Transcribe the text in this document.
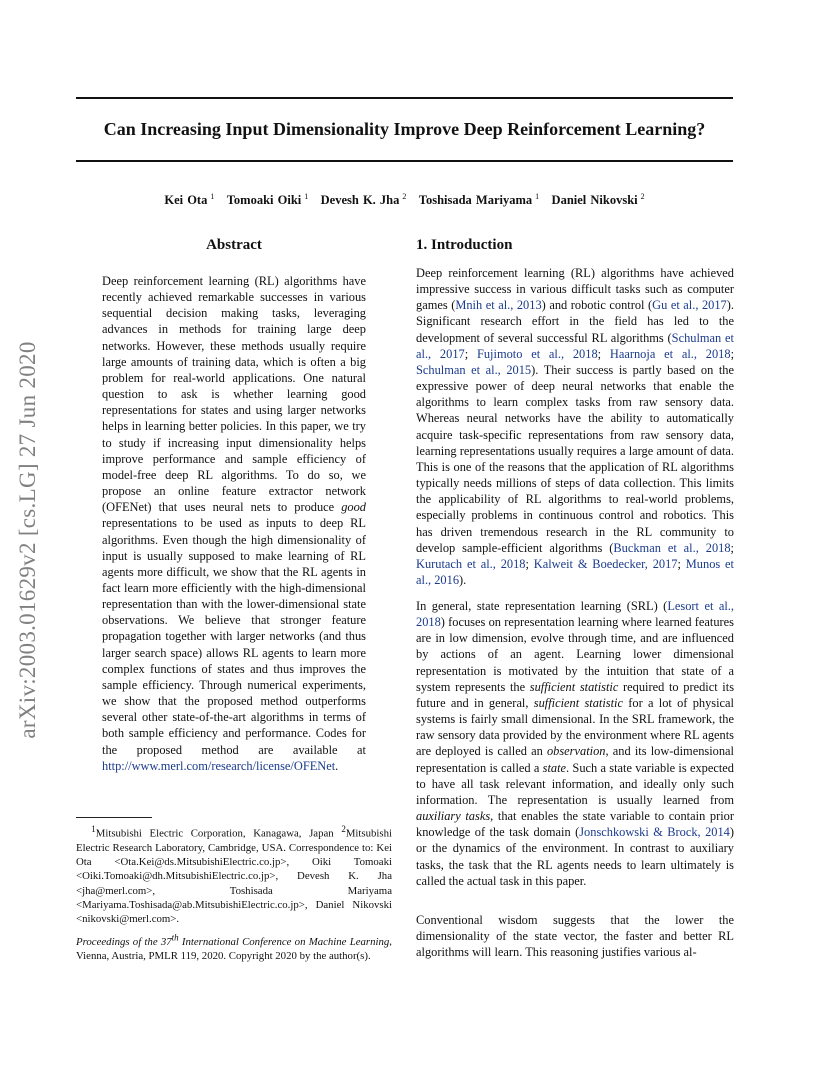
Can Increasing Input Dimensionality Improve Deep Reinforcement Learning?
Kei Ota $^1$ Tomoaki Oiki $^1$ Devesh K. Jha $^2$ Toshisada Mariyama $^1$ Daniel Nikovski $^2$
arXiv:2003.01629v2 [cs.LG] 27 Jun 2020
Abstract
Deep reinforcement learning (RL) algorithms have recently achieved remarkable successes in various sequential decision making tasks, leveraging advances in methods for training large deep networks. However, these methods usually require large amounts of training data, which is often a big problem for real-world applications. One natural question to ask is whether learning good representations for states and using larger networks helps in learning better policies. In this paper, we try to study if increasing input dimensionality helps improve performance and sample efficiency of model-free deep RL algorithms. To do so, we propose an online feature extractor network (OFENet) that uses neural nets to produce good representations to be used as inputs to deep RL algorithms. Even though the high dimensionality of input is usually supposed to make learning of RL agents more difficult, we show that the RL agents in fact learn more efficiently with the high-dimensional representation than with the lower-dimensional state observations. We believe that stronger feature propagation together with larger networks (and thus larger search space) allows RL agents to learn more complex functions of states and thus improves the sample efficiency. Through numerical experiments, we show that the proposed method outperforms several other state-of-the-art algorithms in terms of both sample efficiency and performance. Codes for the proposed method are available at http://www.merl.com/research/license/OFENet.
$^1$Mitsubishi Electric Corporation, Kanagawa, Japan $^2$Mitsubishi Electric Research Laboratory, Cambridge, USA. Correspondence to: Kei Ota <Ota.Kei@ds.MitsubishiElectric.co.jp>, Oiki Tomoaki <Oiki.Tomoaki@dh.MitsubishiElectric.co.jp>, Devesh K. Jha <jha@merl.com>, Toshisada Mariyama <Mariyama.Toshisada@ab.MitsubishiElectric.co.jp>, Daniel Nikovski <nikovski@merl.com>.
Proceedings of the 37th International Conference on Machine Learning, Vienna, Austria, PMLR 119, 2020. Copyright 2020 by the author(s).
1. Introduction
Deep reinforcement learning (RL) algorithms have achieved impressive success in various difficult tasks such as computer games (Mnih et al., 2013) and robotic control (Gu et al., 2017). Significant research effort in the field has led to the development of several successful RL algorithms (Schulman et al., 2017; Fujimoto et al., 2018; Haarnoja et al., 2018; Schulman et al., 2015). Their success is partly based on the expressive power of deep neural networks that enable the algorithms to learn complex tasks from raw sensory data. Whereas neural networks have the ability to automatically acquire task-specific representations from raw sensory data, learning representations usually requires a large amount of data. This is one of the reasons that the application of RL algorithms typically needs millions of steps of data collection. This limits the applicability of RL algorithms to real-world problems, especially problems in continuous control and robotics. This has driven tremendous research in the RL community to develop sample-efficient algorithms (Buckman et al., 2018; Kurutach et al., 2018; Kalweit & Boedecker, 2017; Munos et al., 2016).
In general, state representation learning (SRL) (Lesort et al., 2018) focuses on representation learning where learned features are in low dimension, evolve through time, and are influenced by actions of an agent. Learning lower dimensional representation is motivated by the intuition that state of a system represents the sufficient statistic required to predict its future and in general, sufficient statistic for a lot of physical systems is fairly small dimensional. In the SRL framework, the raw sensory data provided by the environment where RL agents are deployed is called an observation, and its low-dimensional representation is called a state. Such a state variable is expected to have all task relevant information, and ideally only such information. The representation is usually learned from auxiliary tasks, that enables the state variable to contain prior knowledge of the task domain (Jonschkowski & Brock, 2014) or the dynamics of the environment. In contrast to auxiliary tasks, the task that the RL agents needs to learn ultimately is called the actual task in this paper.
Conventional wisdom suggests that the lower the dimensionality of the state vector, the faster and better RL algorithms will learn. This reasoning justifies various al-
